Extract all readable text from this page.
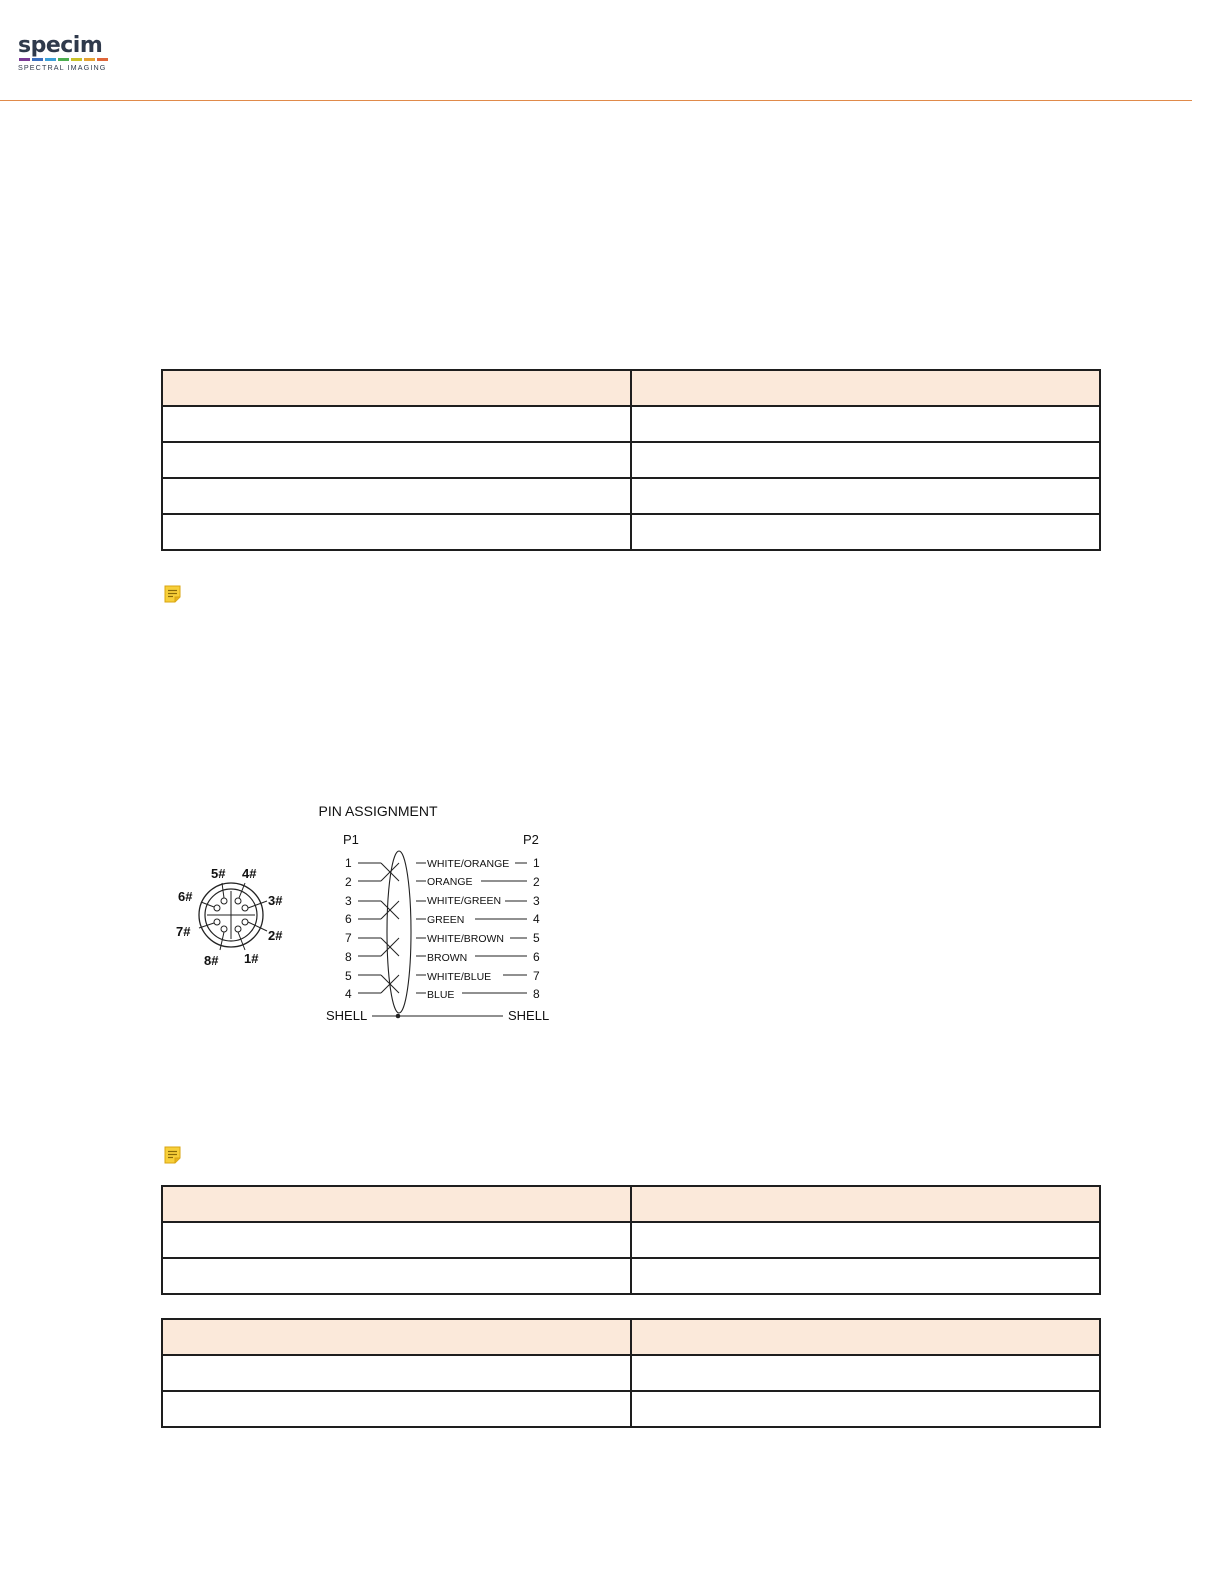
specim
SPECTRAL IMAGING

5# 4#
6#	3#
7#	2#
8# 1#
PIN ASSIGNMENT
P1	P2
1	WHITE/ORANGE 1
2	ORANGE	2
3	WHITE/GREEN	3
6	GREEN	4
7	WHITE/BROWN 5
8	BROWN	6
5	WHITE/BLUE	7
4	BLUE	8
SHELL	SHELL
